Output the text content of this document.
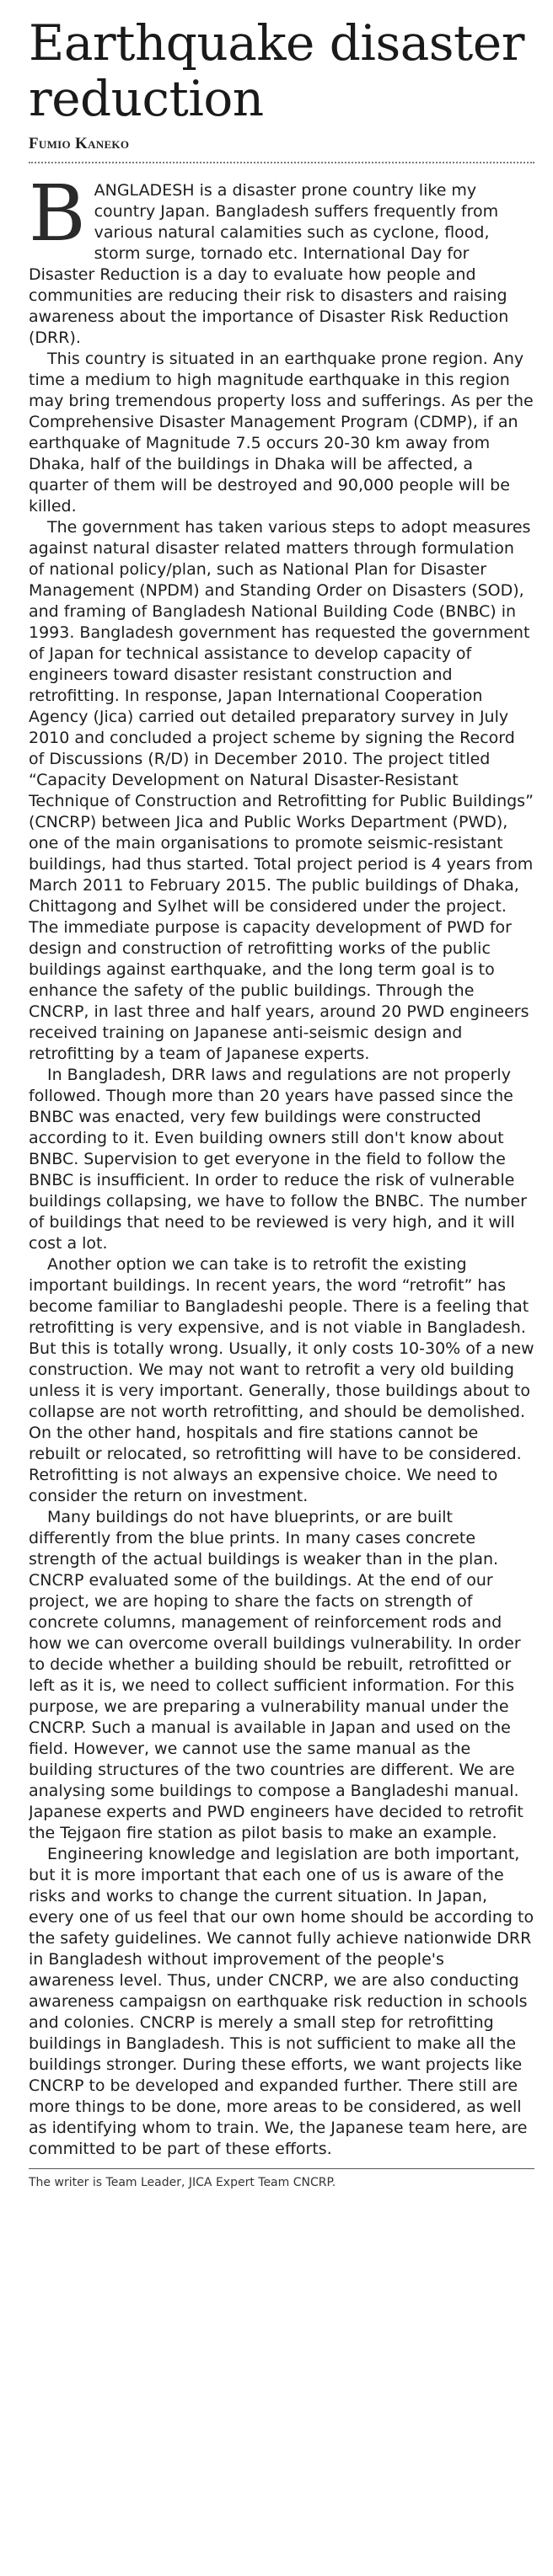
Earthquake disaster reduction
Fumio Kaneko

BANGLADESH is a disaster prone country like my country Japan. Bangladesh suffers frequently from various natural calamities such as cyclone, flood, storm surge, tornado etc. International Day for Disaster Reduction is a day to evaluate how people and communities are reducing their risk to disasters and raising awareness about the importance of Disaster Risk Reduction (DRR).

This country is situated in an earthquake prone region. Any time a medium to high magnitude earthquake in this region may bring tremendous property loss and sufferings. As per the Comprehensive Disaster Management Program (CDMP), if an earthquake of Magnitude 7.5 occurs 20-30 km away from Dhaka, half of the buildings in Dhaka will be affected, a quarter of them will be destroyed and 90,000 people will be killed.

The government has taken various steps to adopt measures against natural disaster related matters through formulation of national policy/plan, such as National Plan for Disaster Management (NPDM) and Standing Order on Disasters (SOD), and framing of Bangladesh National Building Code (BNBC) in 1993. Bangladesh government has requested the government of Japan for technical assistance to develop capacity of engineers toward disaster resistant construction and retrofitting. In response, Japan International Cooperation Agency (Jica) carried out detailed preparatory survey in July 2010 and concluded a project scheme by signing the Record of Discussions (R/D) in December 2010. The project titled “Capacity Development on Natural Disaster-Resistant Technique of Construction and Retrofitting for Public Buildings” (CNCRP) between Jica and Public Works Department (PWD), one of the main organisations to promote seismic-resistant buildings, had thus started. Total project period is 4 years from March 2011 to February 2015. The public buildings of Dhaka, Chittagong and Sylhet will be considered under the project. The immediate purpose is capacity development of PWD for design and construction of retrofitting works of the public buildings against earthquake, and the long term goal is to enhance the safety of the public buildings. Through the CNCRP, in last three and half years, around 20 PWD engineers received training on Japanese anti-seismic design and retrofitting by a team of Japanese experts.

In Bangladesh, DRR laws and regulations are not properly followed. Though more than 20 years have passed since the BNBC was enacted, very few buildings were constructed according to it. Even building owners still don't know about BNBC. Supervision to get everyone in the field to follow the BNBC is insufficient. In order to reduce the risk of vulnerable buildings collapsing, we have to follow the BNBC. The number of buildings that need to be reviewed is very high, and it will cost a lot.

Another option we can take is to retrofit the existing important buildings. In recent years, the word “retrofit” has become familiar to Bangladeshi people. There is a feeling that retrofitting is very expensive, and is not viable in Bangladesh. But this is totally wrong. Usually, it only costs 10-30% of a new construction. We may not want to retrofit a very old building unless it is very important. Generally, those buildings about to collapse are not worth retrofitting, and should be demolished. On the other hand, hospitals and fire stations cannot be rebuilt or relocated, so retrofitting will have to be considered. Retrofitting is not always an expensive choice. We need to consider the return on investment.

Many buildings do not have blueprints, or are built differently from the blue prints. In many cases concrete strength of the actual buildings is weaker than in the plan. CNCRP evaluated some of the buildings. At the end of our project, we are hoping to share the facts on strength of concrete columns, management of reinforcement rods and how we can overcome overall buildings vulnerability. In order to decide whether a building should be rebuilt, retrofitted or left as it is, we need to collect sufficient information. For this purpose, we are preparing a vulnerability manual under the CNCRP. Such a manual is available in Japan and used on the field. However, we cannot use the same manual as the building structures of the two countries are different. We are analysing some buildings to compose a Bangladeshi manual. Japanese experts and PWD engineers have decided to retrofit the Tejgaon fire station as pilot basis to make an example.

Engineering knowledge and legislation are both important, but it is more important that each one of us is aware of the risks and works to change the current situation. In Japan, every one of us feel that our own home should be according to the safety guidelines. We cannot fully achieve nationwide DRR in Bangladesh without improvement of the people's awareness level. Thus, under CNCRP, we are also conducting awareness campaigsn on earthquake risk reduction in schools and colonies. CNCRP is merely a small step for retrofitting buildings in Bangladesh. This is not sufficient to make all the buildings stronger. During these efforts, we want projects like CNCRP to be developed and expanded further. There still are more things to be done, more areas to be considered, as well as identifying whom to train. We, the Japanese team here, are committed to be part of these efforts.

The writer is Team Leader, JICA Expert Team CNCRP.
